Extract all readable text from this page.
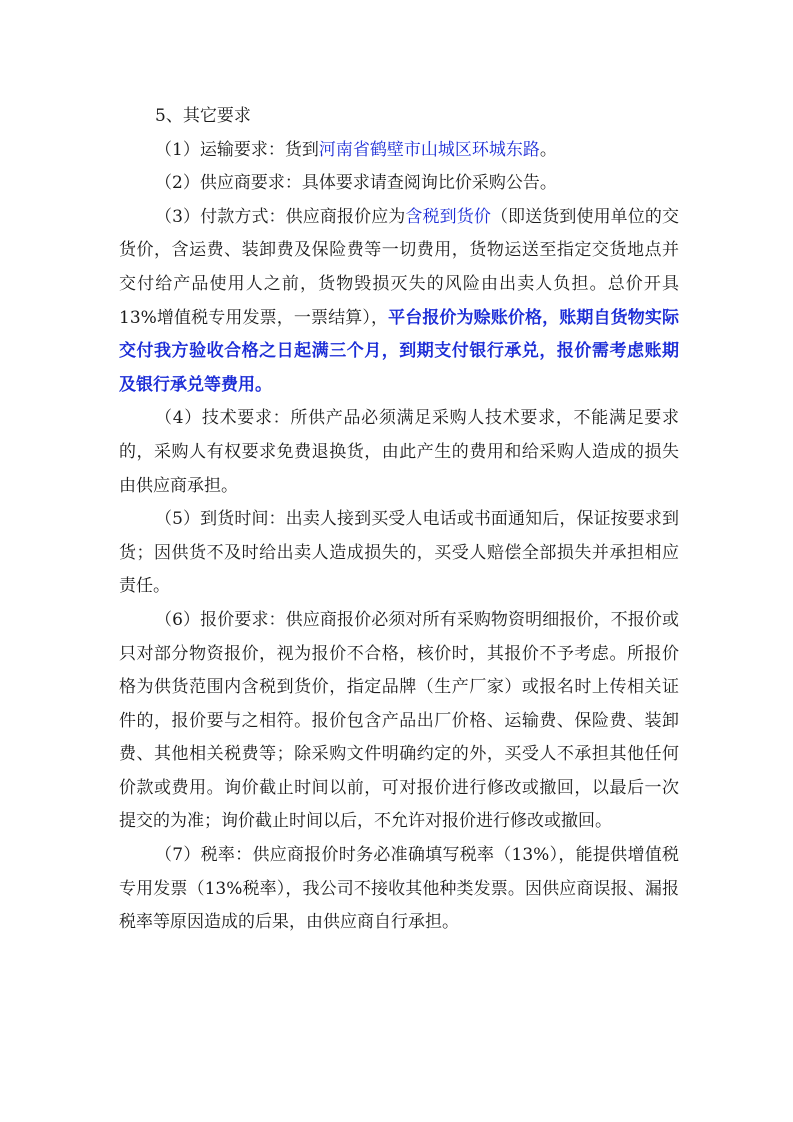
5、其它要求

（1）运输要求：货到河南省鹤壁市山城区环城东路。

（2）供应商要求：具体要求请查阅询比价采购公告。

（3）付款方式：供应商报价应为含税到货价（即送货到使用单位的交货价，含运费、装卸费及保险费等一切费用，货物运送至指定交货地点并交付给产品使用人之前，货物毁损灭失的风险由出卖人负担。总价开具13%增值税专用发票，一票结算），平台报价为赊账价格，账期自货物实际交付我方验收合格之日起满三个月，到期支付银行承兑，报价需考虑账期及银行承兑等费用。

（4）技术要求：所供产品必须满足采购人技术要求，不能满足要求的，采购人有权要求免费退换货，由此产生的费用和给采购人造成的损失由供应商承担。

（5）到货时间：出卖人接到买受人电话或书面通知后，保证按要求到货；因供货不及时给出卖人造成损失的，买受人赔偿全部损失并承担相应责任。

（6）报价要求：供应商报价必须对所有采购物资明细报价，不报价或只对部分物资报价，视为报价不合格，核价时，其报价不予考虑。所报价格为供货范围内含税到货价，指定品牌（生产厂家）或报名时上传相关证件的，报价要与之相符。报价包含产品出厂价格、运输费、保险费、装卸费、其他相关税费等；除采购文件明确约定的外，买受人不承担其他任何价款或费用。询价截止时间以前，可对报价进行修改或撤回，以最后一次提交的为准；询价截止时间以后，不允许对报价进行修改或撤回。

（7）税率：供应商报价时务必准确填写税率（13%），能提供增值税专用发票（13%税率），我公司不接收其他种类发票。因供应商误报、漏报税率等原因造成的后果，由供应商自行承担。
